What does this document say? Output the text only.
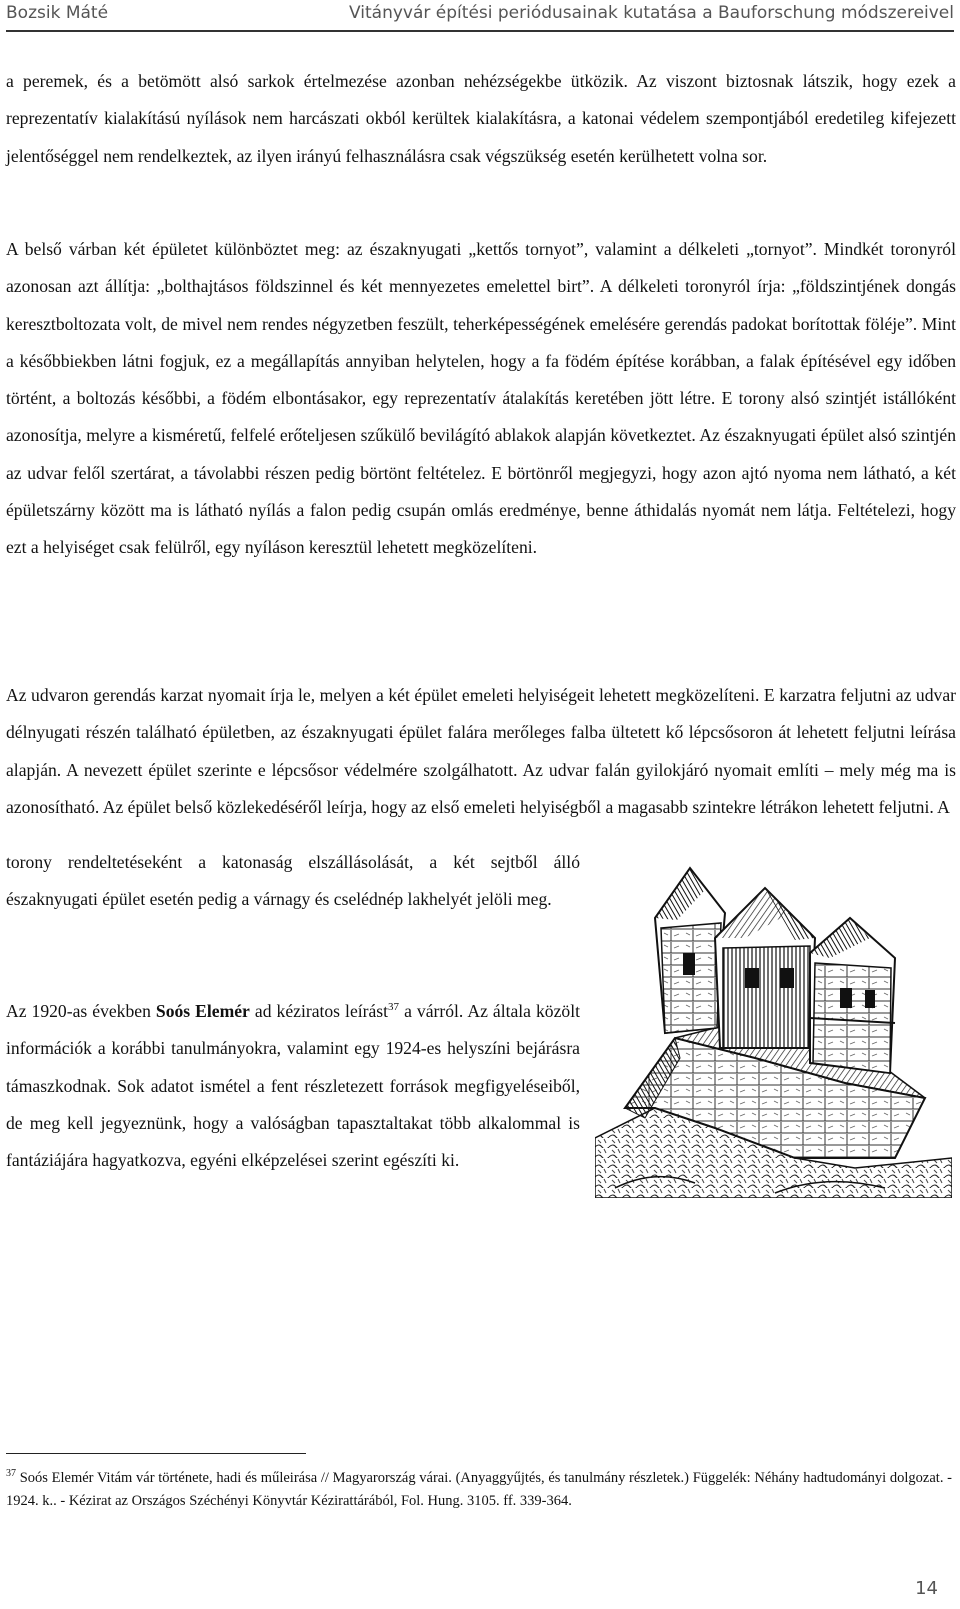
Bozsik Máté	Vitányvár építési periódusainak kutatása a Bauforschung módszereivel

a peremek, és a betömött alsó sarkok értelmezése azonban nehézségekbe ütközik. Az viszont biztosnak látszik, hogy ezek a reprezentatív kialakítású nyílások nem harcászati okból kerültek kialakításra, a katonai védelem szempontjából eredetileg kifejezett jelentőséggel nem rendelkeztek, az ilyen irányú felhasználásra csak végszükség esetén kerülhetett volna sor.

A belső várban két épületet különböztet meg: az északnyugati „kettős tornyot”, valamint a délkeleti „tornyot”. Mindkét toronyról azonosan azt állítja: „bolthajtásos földszinnel és két mennyezetes emelettel birt”. A délkeleti toronyról írja: „földszintjének dongás keresztboltozata volt, de mivel nem rendes négyzetben feszült, teherképességének emelésére gerendás padokat borítottak föléje”. Mint a későbbiekben látni fogjuk, ez a megállapítás annyiban helytelen, hogy a fa födém építése korábban, a falak építésével egy időben történt, a boltozás későbbi, a födém elbontásakor, egy reprezentatív átalakítás keretében jött létre. E torony alsó szintjét istállóként azonosítja, melyre a kisméretű, felfelé erőteljesen szűkülő bevilágító ablakok alapján következtet. Az északnyugati épület alsó szintjén az udvar felől szertárat, a távolabbi részen pedig börtönt feltételez. E börtönről megjegyzi, hogy azon ajtó nyoma nem látható, a két épületszárny között ma is látható nyílás a falon pedig csupán omlás eredménye, benne áthidalás nyomát nem látja. Feltételezi, hogy ezt a helyiséget csak felülről, egy nyíláson keresztül lehetett megközelíteni.

Az udvaron gerendás karzat nyomait írja le, melyen a két épület emeleti helyiségeit lehetett megközelíteni. E karzatra feljutni az udvar délnyugati részén található épületben, az északnyugati épület falára merőleges falba ültetett kő lépcsősoron át lehetett feljutni leírása alapján. A nevezett épület szerinte e lépcsősor védelmére szolgálhatott. Az udvar falán gyilokjáró nyomait említi – mely még ma is azonosítható. Az épület belső közlekedéséről leírja, hogy az első emeleti helyiségből a magasabb szintekre létrákon lehetett feljutni. A

torony rendeltetéseként a katonaság elszállásolását, a két sejtből álló északnyugati épület esetén pedig a várnagy és cselédnép lakhelyét jelöli meg.

Az 1920-as években Soós Elemér ad kéziratos leírást$^{37}$ a várról. Az általa közölt információk a korábbi tanulmányokra, valamint egy 1924-es helyszíni bejárásra támaszkodnak. Sok adatot ismétel a fent részletezett források megfigyeléseiből, de meg kell jegyeznünk, hogy a valóságban tapasztaltakat több alkalommal is fantáziájára hagyatkozva, egyéni elképzelései szerint egészíti ki.

$^{37}$ Soós Elemér Vitám vár története, hadi és műleirása // Magyarország várai. (Anyaggyűjtés, és tanulmány részletek.) Függelék: Néhány hadtudományi dolgozat. - 1924. k.. - Kézirat az Országos Széchényi Könyvtár Kézirattárából, Fol. Hung. 3105. ff. 339-364.
14
